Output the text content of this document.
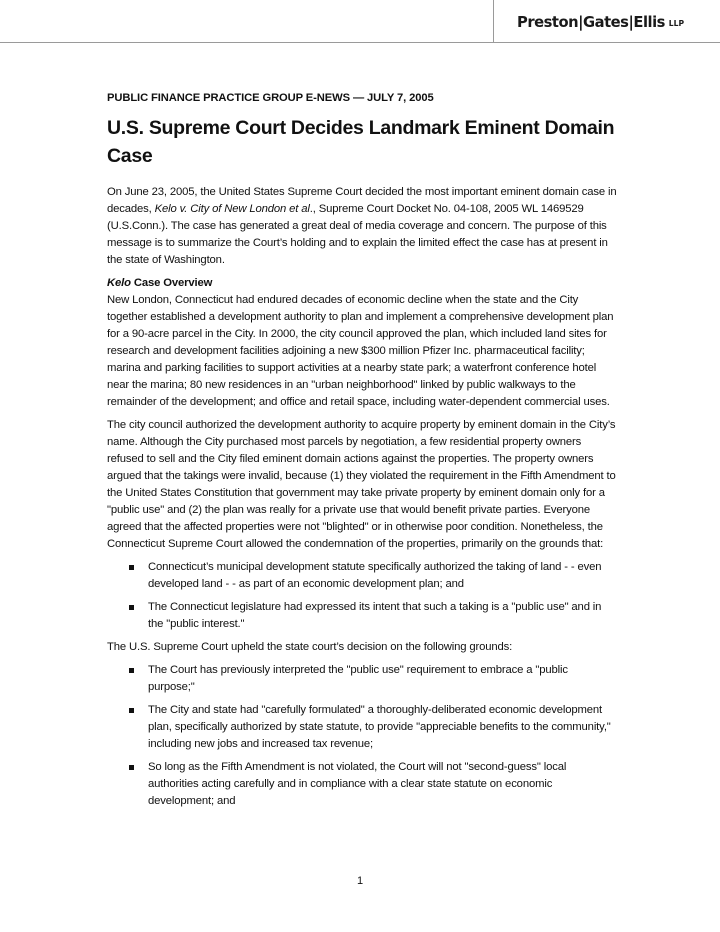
Preston|Gates|Ellis LLP
PUBLIC FINANCE PRACTICE GROUP E-NEWS — JULY 7, 2005
U.S. Supreme Court Decides Landmark Eminent Domain Case

On June 23, 2005, the United States Supreme Court decided the most important eminent domain case in decades, Kelo v. City of New London et al., Supreme Court Docket No. 04-108, 2005 WL 1469529 (U.S.Conn.). The case has generated a great deal of media coverage and concern. The purpose of this message is to summarize the Court’s holding and to explain the limited effect the case has at present in the state of Washington.

Kelo Case Overview

New London, Connecticut had endured decades of economic decline when the state and the City together established a development authority to plan and implement a comprehensive development plan for a 90-acre parcel in the City. In 2000, the city council approved the plan, which included land sites for research and development facilities adjoining a new $300 million Pfizer Inc. pharmaceutical facility; marina and parking facilities to support activities at a nearby state park; a waterfront conference hotel near the marina; 80 new residences in an "urban neighborhood" linked by public walkways to the remainder of the development; and office and retail space, including water-dependent commercial uses.

The city council authorized the development authority to acquire property by eminent domain in the City’s name. Although the City purchased most parcels by negotiation, a few residential property owners refused to sell and the City filed eminent domain actions against the properties. The property owners argued that the takings were invalid, because (1) they violated the requirement in the Fifth Amendment to the United States Constitution that government may take private property by eminent domain only for a "public use" and (2) the plan was really for a private use that would benefit private parties. Everyone agreed that the affected properties were not "blighted" or in otherwise poor condition. Nonetheless, the Connecticut Supreme Court allowed the condemnation of the properties, primarily on the grounds that:

Connecticut’s municipal development statute specifically authorized the taking of land - - even developed land - - as part of an economic development plan; and
The Connecticut legislature had expressed its intent that such a taking is a "public use" and in the "public interest."

The U.S. Supreme Court upheld the state court’s decision on the following grounds:

The Court has previously interpreted the "public use" requirement to embrace a "public purpose;"
The City and state had "carefully formulated" a thoroughly-deliberated economic development plan, specifically authorized by state statute, to provide "appreciable benefits to the community," including new jobs and increased tax revenue;
So long as the Fifth Amendment is not violated, the Court will not "second-guess" local authorities acting carefully and in compliance with a clear state statute on economic development; and
1
